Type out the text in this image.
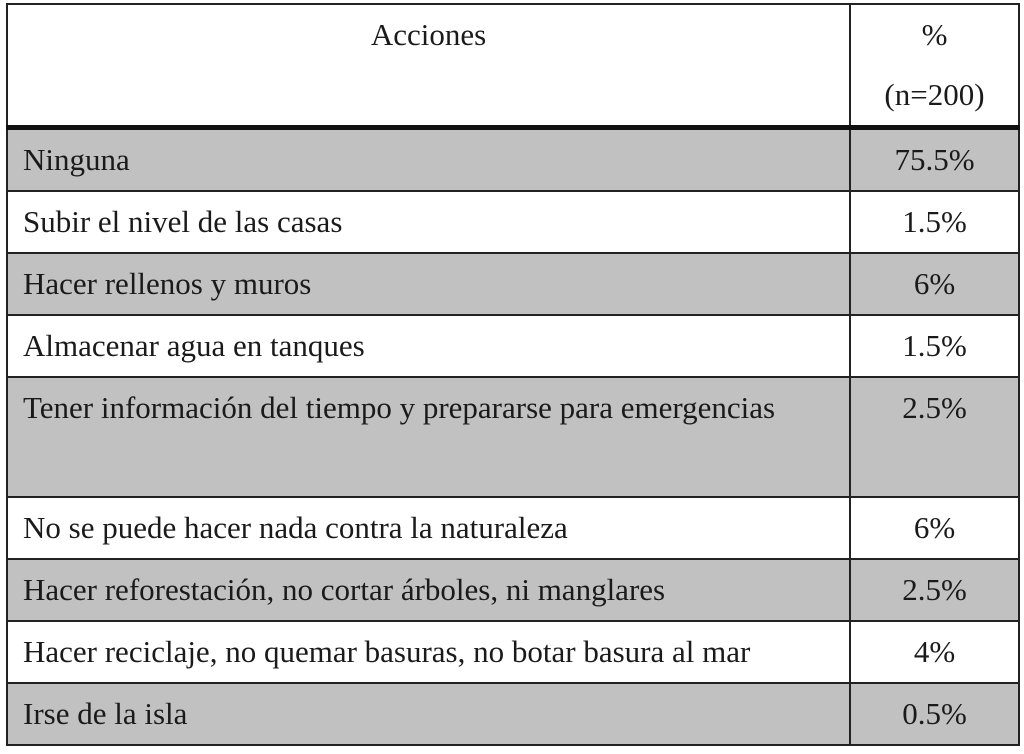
Acciones	%
(n=200)

Ninguna	75.5%
Subir el nivel de las casas	1.5%
Hacer rellenos y muros	6%
Almacenar agua en tanques	1.5%
Tener información del tiempo y prepararse para emergencias	2.5%
No se puede hacer nada contra la naturaleza	6%
Hacer reforestación, no cortar árboles, ni manglares	2.5%
Hacer reciclaje, no quemar basuras, no botar basura al mar	4%
Irse de la isla	0.5%
